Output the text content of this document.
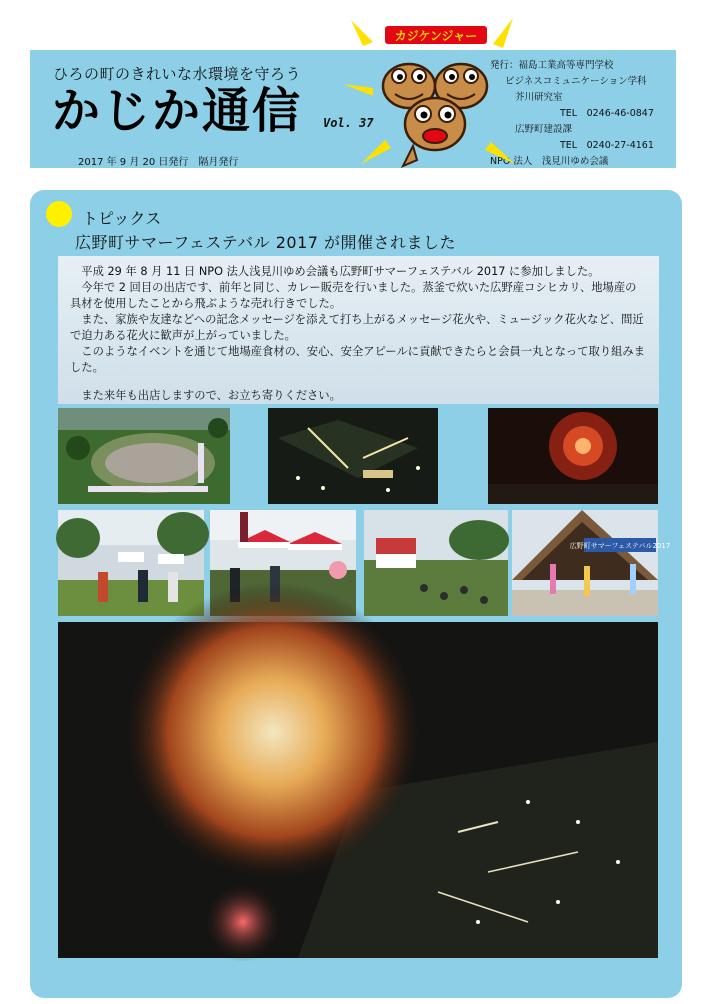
ひろの町のきれいな水環境を守ろう
かじか通信 Vol. 37
2017 年 9 月 20 日発行　隔月発行
発行：福島工業高等専門学校
ビジネスコミュニケーション学科
芥川研究室
TEL　0246-46-0847
広野町建設課
TEL　0240-27-4161
NPO 法人　浅見川ゆめ会議
カジケンジャー
トピックス
広野町サマーフェステバル 2017 が開催されました

平成 29 年 8 月 11 日 NPO 法人浅見川ゆめ会議も広野町サマーフェステバル 2017 に参加しました。

今年で 2 回目の出店です、前年と同じ、カレー販売を行いました。蒸釜で炊いた広野産コシヒカリ、地場産の具材を使用したことから飛ぶような売れ行きでした。

また、家族や友達などへの記念メッセージを添えて打ち上がるメッセージ花火や、ミュージック花火など、間近で迫力ある花火に歓声が上がっていました。

このようなイベントを通じて地場産食材の、安心、安全アピールに貢献できたらと会員一丸となって取り組みました。

また来年も出店しますので、お立ち寄りください。

広野町サマーフェステバル2017
